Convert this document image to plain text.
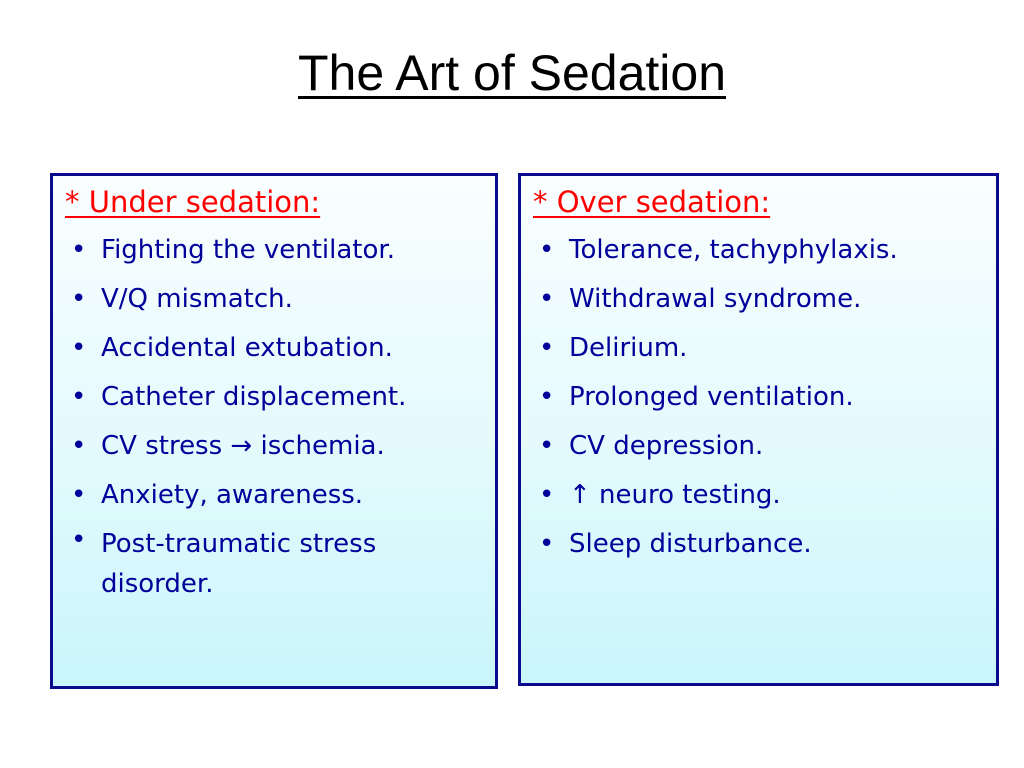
The Art of Sedation
* Under sedation:
• Fighting the ventilator.
• V/Q mismatch.
• Accidental extubation.
• Catheter displacement.
• CV stress → ischemia.
• Anxiety, awareness.
• Post-traumatic stress disorder.
* Over sedation:
• Tolerance, tachyphylaxis.
• Withdrawal syndrome.
• Delirium.
• Prolonged ventilation.
• CV depression.
• ↑ neuro testing.
• Sleep disturbance.
